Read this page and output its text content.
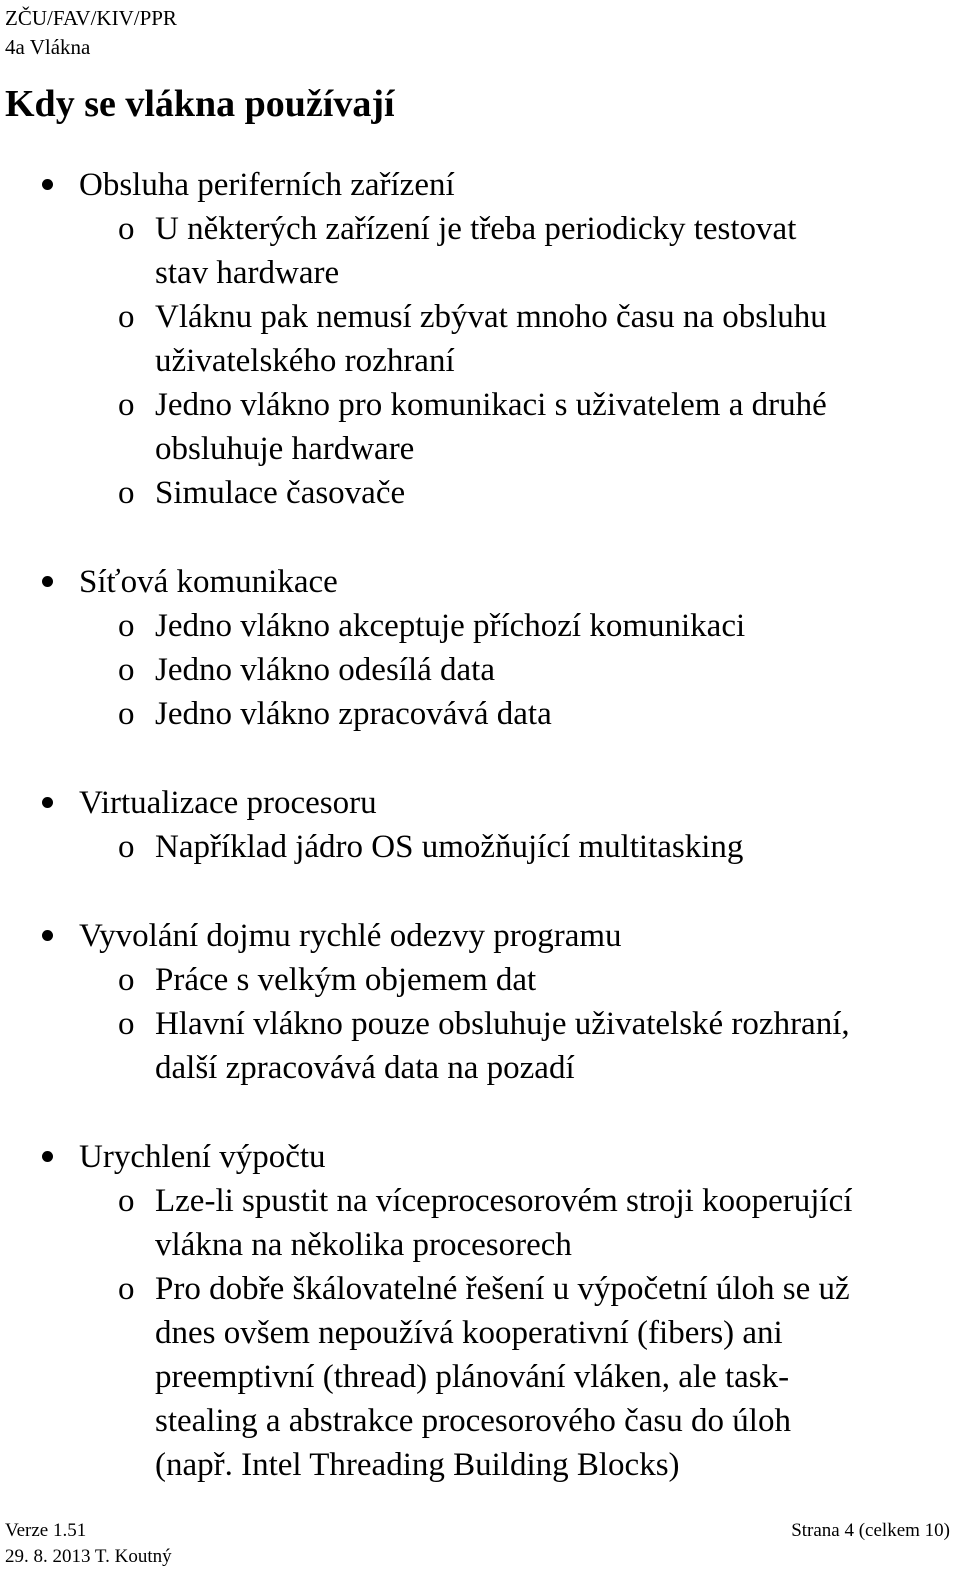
ZČU/FAV/KIV/PPR
4a Vlákna
Kdy se vlákna používají
Obsluha periferních zařízení
o U některých zařízení je třeba periodicky testovat
stav hardware
o Vláknu pak nemusí zbývat mnoho času na obsluhu
uživatelského rozhraní
o Jedno vlákno pro komunikaci s uživatelem a druhé
obsluhuje hardware
o Simulace časovače
Síťová komunikace
o Jedno vlákno akceptuje příchozí komunikaci
o Jedno vlákno odesílá data
o Jedno vlákno zpracovává data
Virtualizace procesoru
o Například jádro OS umožňující multitasking
Vyvolání dojmu rychlé odezvy programu
o Práce s velkým objemem dat
o Hlavní vlákno pouze obsluhuje uživatelské rozhraní,
další zpracovává data na pozadí
Urychlení výpočtu
o Lze-li spustit na víceprocesorovém stroji kooperující
vlákna na několika procesorech
o Pro dobře škálovatelné řešení u výpočetní úloh se už
dnes ovšem nepoužívá kooperativní (fibers) ani
preemptivní (thread) plánování vláken, ale task-
stealing a abstrakce procesorového času do úloh
(např. Intel Threading Building Blocks)
Verze 1.51
29. 8. 2013 T. Koutný
Strana 4 (celkem 10)
